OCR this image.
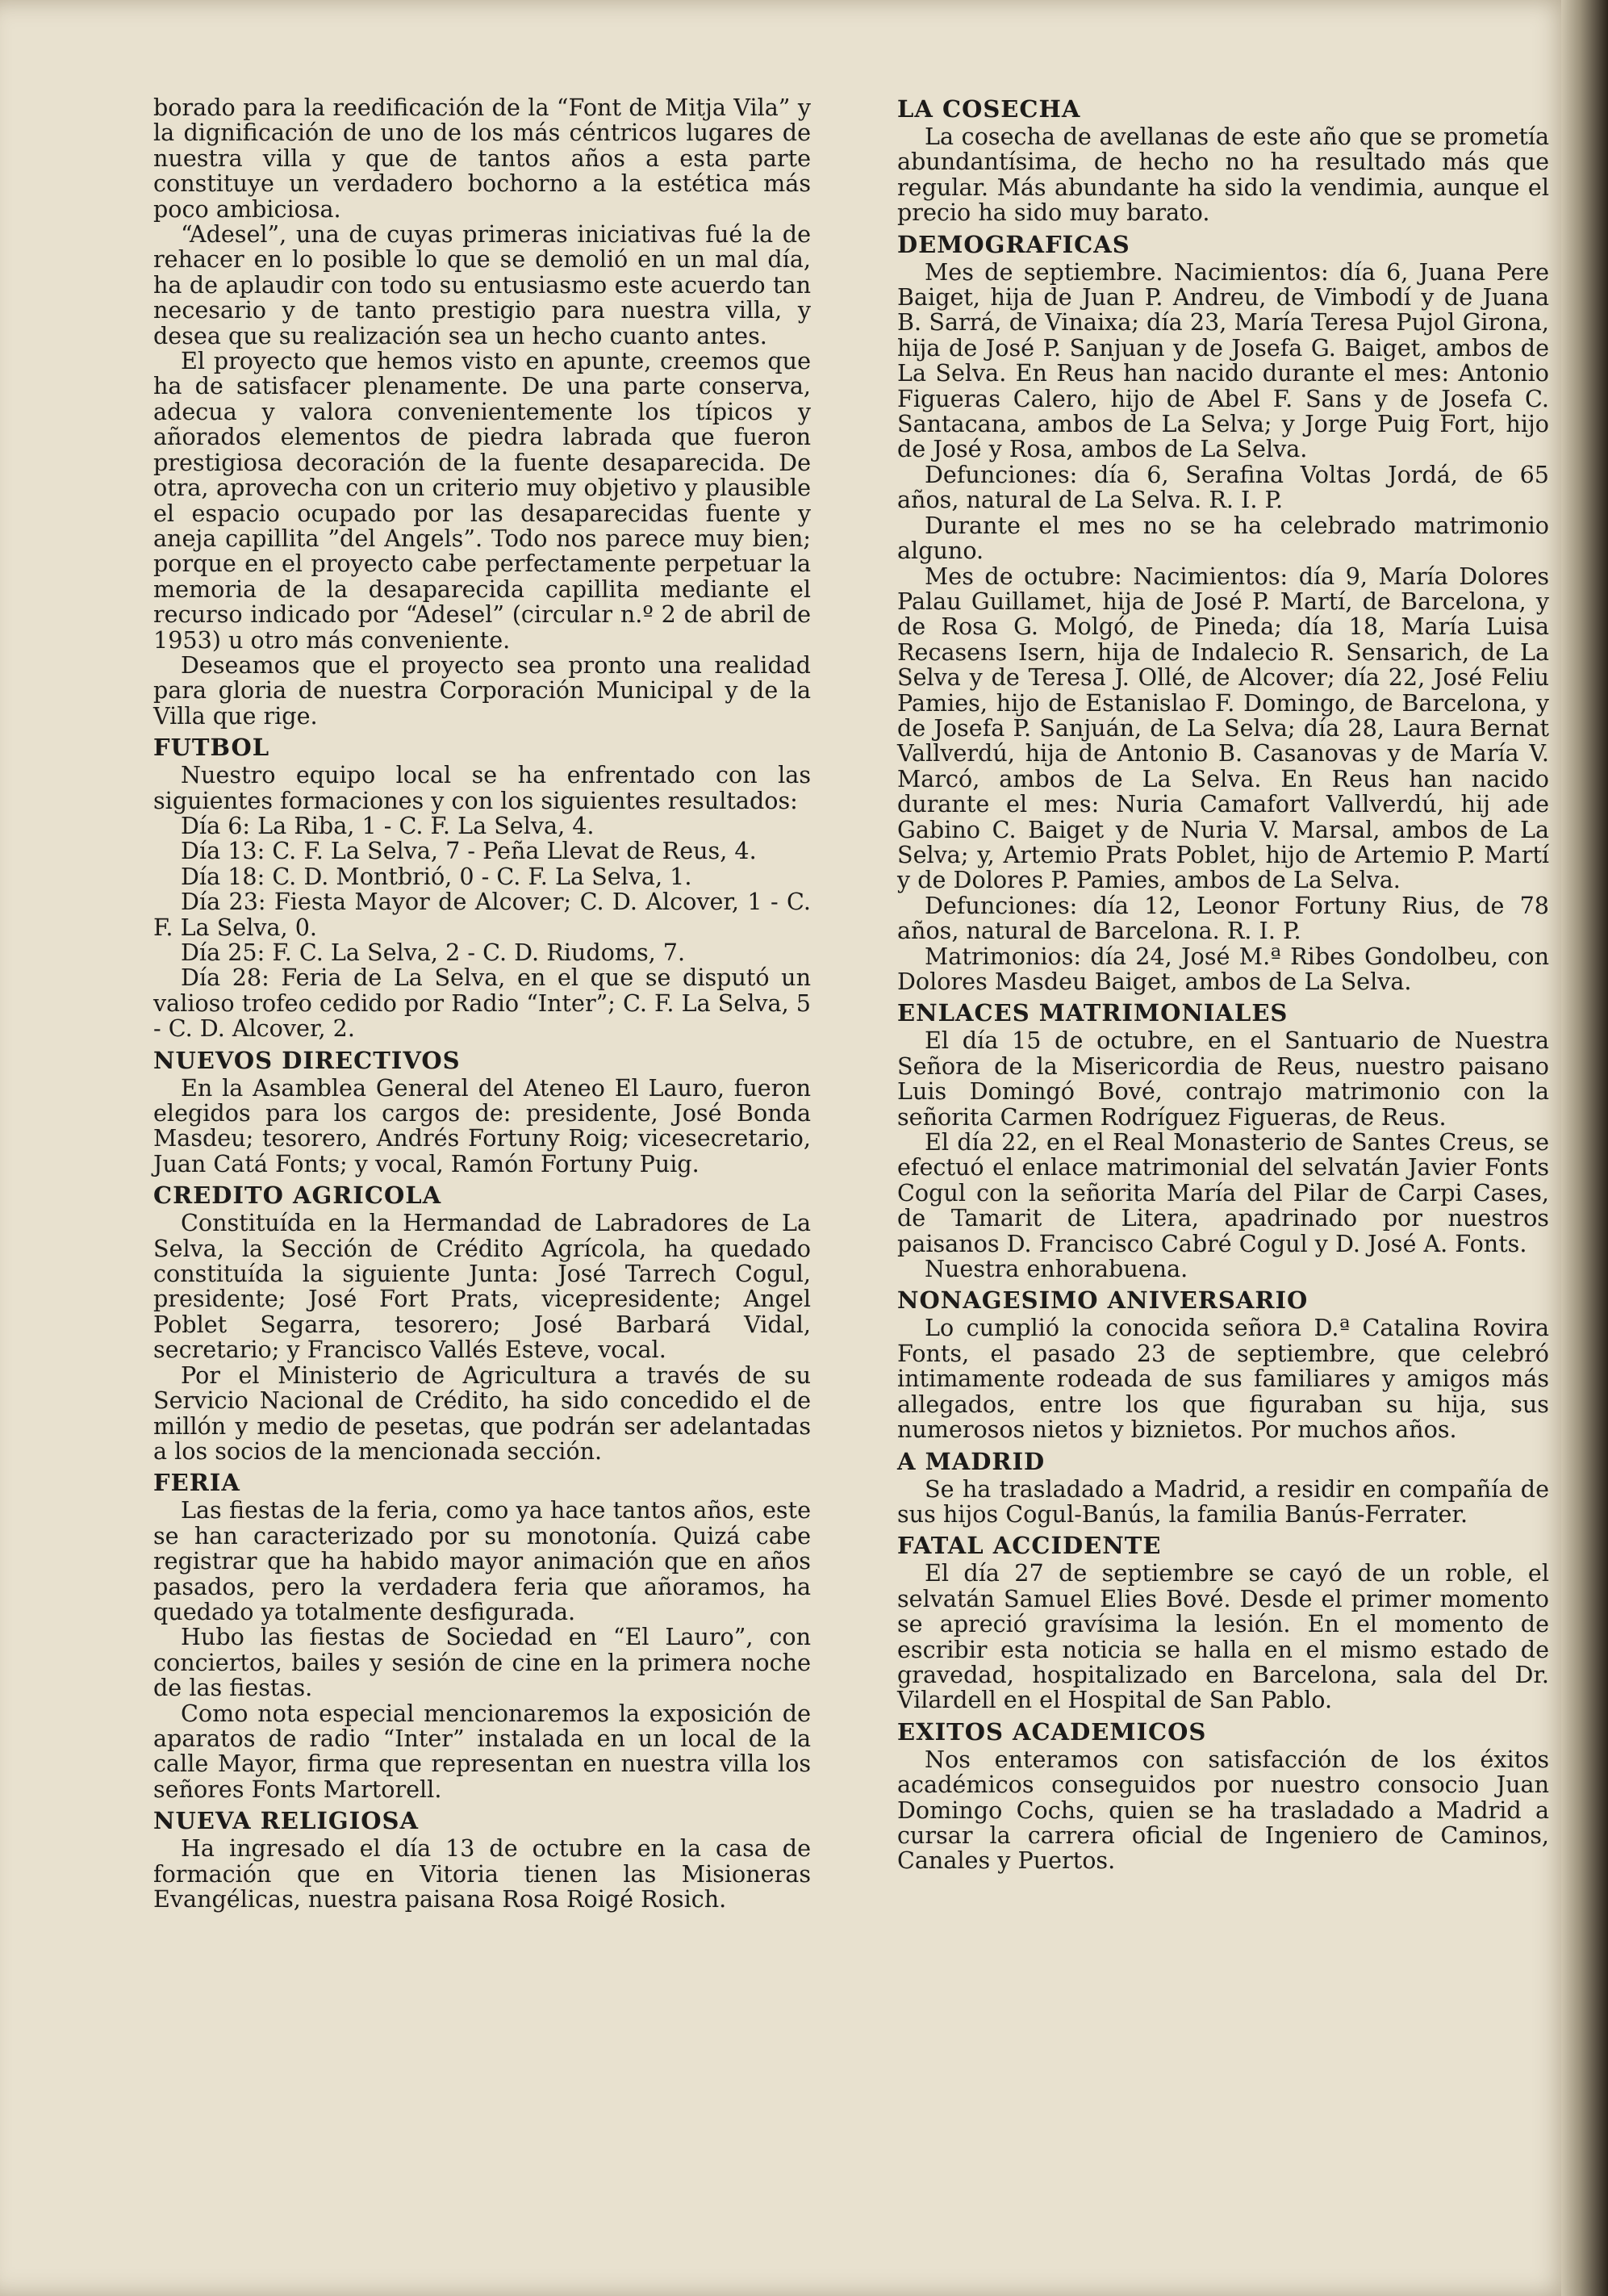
borado para la reedificación de la “Font de Mitja Vila” y la dignificación de uno de los más céntricos lugares de nuestra villa y que de tantos años a esta parte constituye un verdadero bochorno a la estética más poco ambiciosa.

“Adesel”, una de cuyas primeras iniciativas fué la de rehacer en lo posible lo que se demolió en un mal día, ha de aplaudir con todo su entusiasmo este acuerdo tan necesario y de tanto prestigio para nuestra villa, y desea que su realización sea un hecho cuanto antes.

El proyecto que hemos visto en apunte, creemos que ha de satisfacer plenamente. De una parte conserva, adecua y valora convenientemente los típicos y añorados elementos de piedra labrada que fueron prestigiosa decoración de la fuente desaparecida. De otra, aprovecha con un criterio muy objetivo y plausible el espacio ocupado por las desaparecidas fuente y aneja capillita ”del Angels”. Todo nos parece muy bien; porque en el proyecto cabe perfectamente perpetuar la memoria de la desaparecida capillita mediante el recurso indicado por “Adesel” (circular n.º 2 de abril de 1953) u otro más conveniente.

Deseamos que el proyecto sea pronto una realidad para gloria de nuestra Corporación Municipal y de la Villa que rige.

FUTBOL

Nuestro equipo local se ha enfrentado con las siguientes formaciones y con los siguientes resultados:

Día 6: La Riba, 1 - C. F. La Selva, 4.

Día 13: C. F. La Selva, 7 - Peña Llevat de Reus, 4.

Día 18: C. D. Montbrió, 0 - C. F. La Selva, 1.

Día 23: Fiesta Mayor de Alcover; C. D. Alcover, 1 - C. F. La Selva, 0.

Día 25: F. C. La Selva, 2 - C. D. Riudoms, 7.

Día 28: Feria de La Selva, en el que se disputó un valioso trofeo cedido por Radio “Inter”; C. F. La Selva, 5 - C. D. Alcover, 2.

NUEVOS DIRECTIVOS

En la Asamblea General del Ateneo El Lauro, fueron elegidos para los cargos de: presidente, José Bonda Masdeu; tesorero, Andrés Fortuny Roig; vicesecretario, Juan Catá Fonts; y vocal, Ramón Fortuny Puig.

CREDITO AGRICOLA

Constituída en la Hermandad de Labradores de La Selva, la Sección de Crédito Agrícola, ha quedado constituída la siguiente Junta: José Tarrech Cogul, presidente; José Fort Prats, vicepresidente; Angel Poblet Segarra, tesorero; José Barbará Vidal, secretario; y Francisco Vallés Esteve, vocal.

Por el Ministerio de Agricultura a través de su Servicio Nacional de Crédito, ha sido concedido el de millón y medio de pesetas, que podrán ser adelantadas a los socios de la mencionada sección.

FERIA

Las fiestas de la feria, como ya hace tantos años, este se han caracterizado por su monotonía. Quizá cabe registrar que ha habido mayor animación que en años pasados, pero la verdadera feria que añoramos, ha quedado ya totalmente desfigurada.

Hubo las fiestas de Sociedad en “El Lauro”, con conciertos, bailes y sesión de cine en la primera noche de las fiestas.

Como nota especial mencionaremos la exposición de aparatos de radio “Inter” instalada en un local de la calle Mayor, firma que representan en nuestra villa los señores Fonts Martorell.

NUEVA RELIGIOSA

Ha ingresado el día 13 de octubre en la casa de formación que en Vitoria tienen las Misioneras Evangélicas, nuestra paisana Rosa Roigé Rosich.

LA COSECHA

La cosecha de avellanas de este año que se prometía abundantísima, de hecho no ha resultado más que regular. Más abundante ha sido la vendimia, aunque el precio ha sido muy barato.

DEMOGRAFICAS

Mes de septiembre. Nacimientos: día 6, Juana Pere Baiget, hija de Juan P. Andreu, de Vimbodí y de Juana B. Sarrá, de Vinaixa; día 23, María Teresa Pujol Girona, hija de José P. Sanjuan y de Josefa G. Baiget, ambos de La Selva. En Reus han nacido durante el mes: Antonio Figueras Calero, hijo de Abel F. Sans y de Josefa C. Santacana, ambos de La Selva; y Jorge Puig Fort, hijo de José y Rosa, ambos de La Selva.

Defunciones: día 6, Serafina Voltas Jordá, de 65 años, natural de La Selva. R. I. P.

Durante el mes no se ha celebrado matrimonio alguno.

Mes de octubre: Nacimientos: día 9, María Dolores Palau Guillamet, hija de José P. Martí, de Barcelona, y de Rosa G. Molgó, de Pineda; día 18, María Luisa Recasens Isern, hija de Indalecio R. Sensarich, de La Selva y de Teresa J. Ollé, de Alcover; día 22, José Feliu Pamies, hijo de Estanislao F. Domingo, de Barcelona, y de Josefa P. Sanjuán, de La Selva; día 28, Laura Bernat Vallverdú, hija de Antonio B. Casanovas y de María V. Marcó, ambos de La Selva. En Reus han nacido durante el mes: Nuria Camafort Vallverdú, hij ade Gabino C. Baiget y de Nuria V. Marsal, ambos de La Selva; y, Artemio Prats Poblet, hijo de Artemio P. Martí y de Dolores P. Pamies, ambos de La Selva.

Defunciones: día 12, Leonor Fortuny Rius, de 78 años, natural de Barcelona. R. I. P.

Matrimonios: día 24, José M.ª Ribes Gondolbeu, con Dolores Masdeu Baiget, ambos de La Selva.

ENLACES MATRIMONIALES

El día 15 de octubre, en el Santuario de Nuestra Señora de la Misericordia de Reus, nuestro paisano Luis Domingó Bové, contrajo matrimonio con la señorita Carmen Rodríguez Figueras, de Reus.

El día 22, en el Real Monasterio de Santes Creus, se efectuó el enlace matrimonial del selvatán Javier Fonts Cogul con la señorita María del Pilar de Carpi Cases, de Tamarit de Litera, apadrinado por nuestros paisanos D. Francisco Cabré Cogul y D. José A. Fonts.

Nuestra enhorabuena.

NONAGESIMO ANIVERSARIO

Lo cumplió la conocida señora D.ª Catalina Rovira Fonts, el pasado 23 de septiembre, que celebró intimamente rodeada de sus familiares y amigos más allegados, entre los que figuraban su hija, sus numerosos nietos y biznietos. Por muchos años.

A MADRID

Se ha trasladado a Madrid, a residir en compañía de sus hijos Cogul-Banús, la familia Banús-Ferrater.

FATAL ACCIDENTE

El día 27 de septiembre se cayó de un roble, el selvatán Samuel Elies Bové. Desde el primer momento se apreció gravísima la lesión. En el momento de escribir esta noticia se halla en el mismo estado de gravedad, hospitalizado en Barcelona, sala del Dr. Vilardell en el Hospital de San Pablo.

EXITOS ACADEMICOS

Nos enteramos con satisfacción de los éxitos académicos conseguidos por nuestro consocio Juan Domingo Cochs, quien se ha trasladado a Madrid a cursar la carrera oficial de Ingeniero de Caminos, Canales y Puertos.
